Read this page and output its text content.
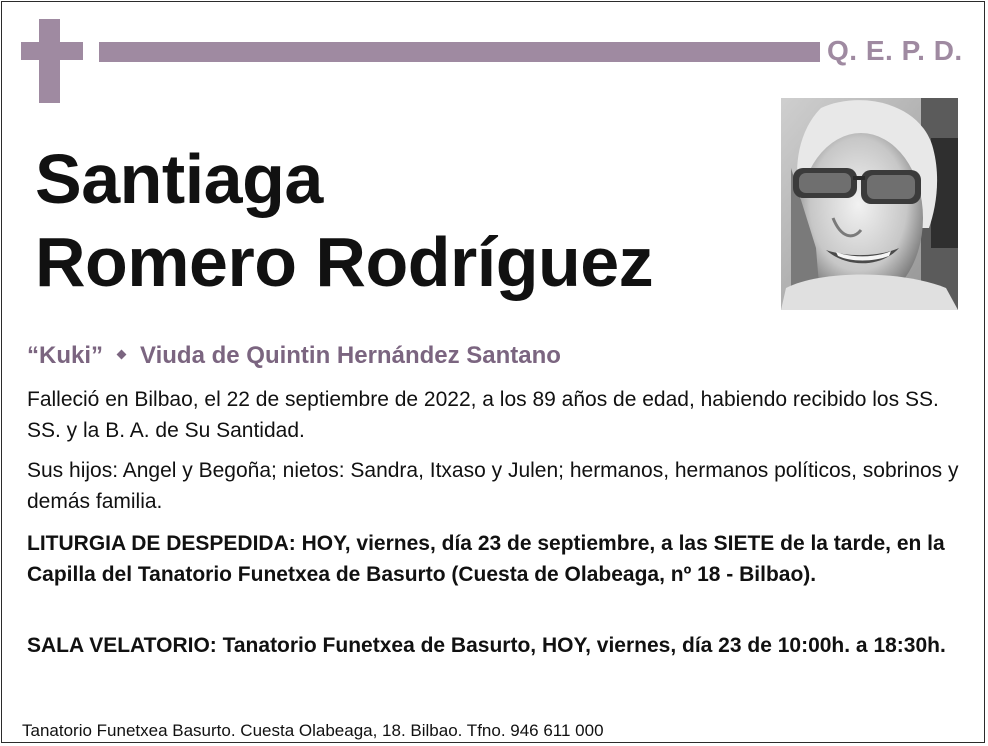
Q. E. P. D.
Santiaga
Romero Rodríguez
“Kuki” Viuda de Quintin Hernández Santano

Falleció en Bilbao, el 22 de septiembre de 2022, a los 89 años de edad, habiendo recibido los SS. SS. y la B. A. de Su Santidad.

Sus hijos: Angel y Begoña; nietos: Sandra, Itxaso y Julen; hermanos, hermanos políticos, sobrinos y demás familia.

LITURGIA DE DESPEDIDA: HOY, viernes, día 23 de septiembre, a las SIETE de la tarde, en la Capilla del Tanatorio Funetxea de Basurto (Cuesta de Olabeaga, nº 18 - Bilbao).

SALA VELATORIO: Tanatorio Funetxea de Basurto, HOY, viernes, día 23 de 10:00h. a 18:30h.

Tanatorio Funetxea Basurto. Cuesta Olabeaga, 18. Bilbao. Tfno. 946 611 000
